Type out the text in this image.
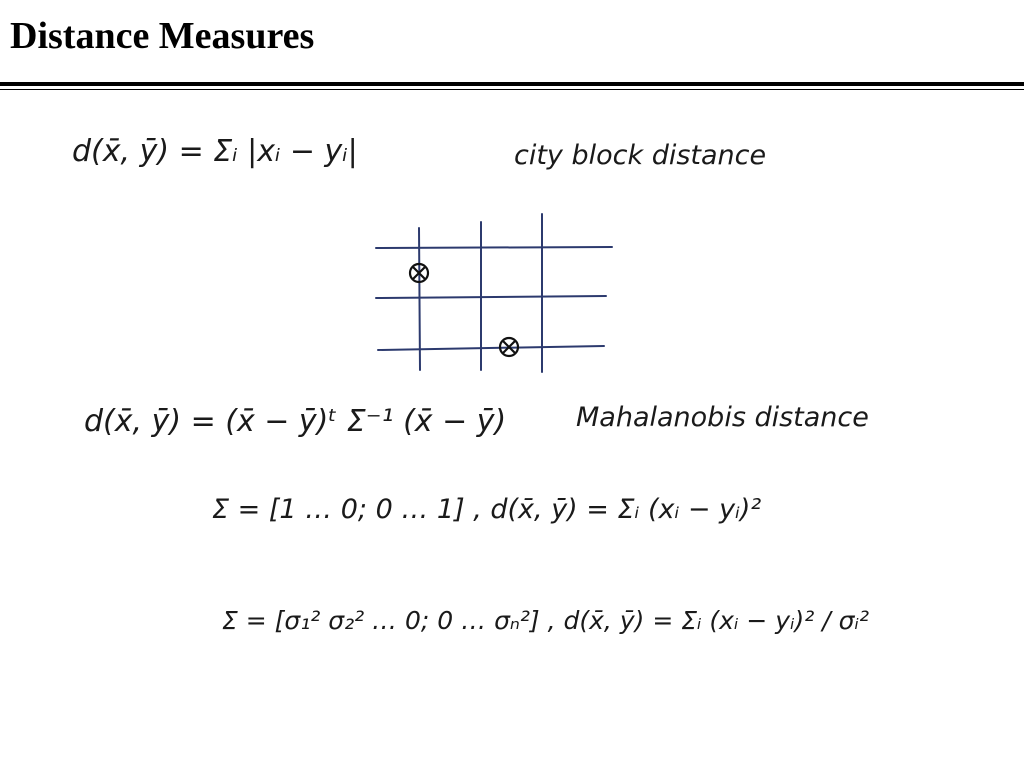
Distance Measures
d(x̄, ȳ) = Σᵢ |xᵢ − yᵢ|	city block distance
d(x̄, ȳ) = (x̄ − ȳ)ᵗ Σ⁻¹ (x̄ − ȳ)	Mahalanobis distance
Σ = [1 … 0; 0 … 1] , d(x̄, ȳ) = Σᵢ (xᵢ − yᵢ)²
Σ = [σ₁² σ₂² … 0; 0 … σₙ²] , d(x̄, ȳ) = Σᵢ (xᵢ − yᵢ)² / σᵢ²
